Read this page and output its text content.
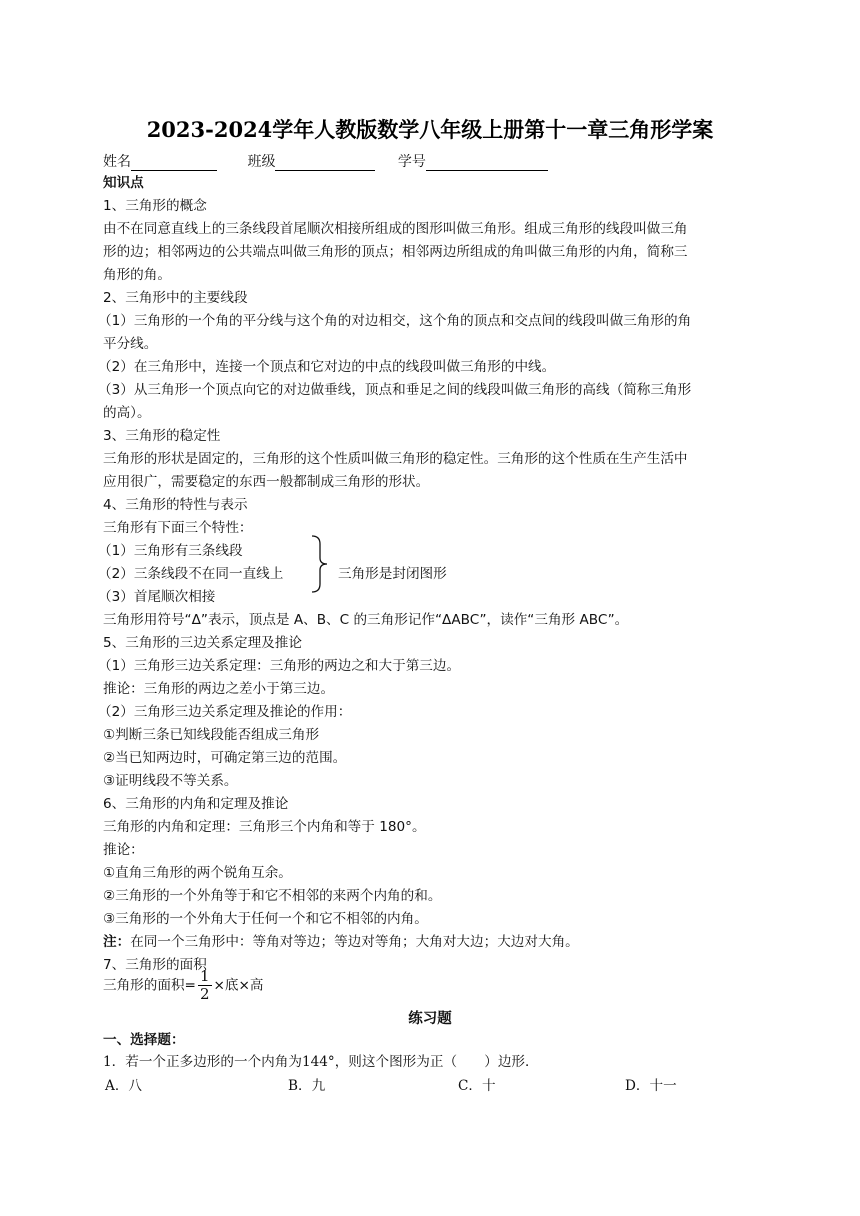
2023-2024学年人教版数学八年级上册第十一章三角形学案
姓名	班级	学号
知识点
1、三角形的概念
由不在同意直线上的三条线段首尾顺次相接所组成的图形叫做三角形。组成三角形的线段叫做三角
形的边；相邻两边的公共端点叫做三角形的顶点；相邻两边所组成的角叫做三角形的内角，简称三
角形的角。
2、三角形中的主要线段
（1）三角形的一个角的平分线与这个角的对边相交，这个角的顶点和交点间的线段叫做三角形的角
平分线。
（2）在三角形中，连接一个顶点和它对边的中点的线段叫做三角形的中线。
（3）从三角形一个顶点向它的对边做垂线，顶点和垂足之间的线段叫做三角形的高线（简称三角形
的高）。
3、三角形的稳定性
三角形的形状是固定的，三角形的这个性质叫做三角形的稳定性。三角形的这个性质在生产生活中
应用很广，需要稳定的东西一般都制成三角形的形状。
4、三角形的特性与表示
三角形有下面三个特性：
（1）三角形有三条线段
（2）三条线段不在同一直线上
（3）首尾顺次相接
三角形是封闭图形
三角形用符号“Δ”表示，顶点是 A、B、C 的三角形记作“ΔABC”，读作“三角形 ABC”。
5、三角形的三边关系定理及推论
（1）三角形三边关系定理：三角形的两边之和大于第三边。
推论：三角形的两边之差小于第三边。
（2）三角形三边关系定理及推论的作用：
①判断三条已知线段能否组成三角形
②当已知两边时，可确定第三边的范围。
③证明线段不等关系。
6、三角形的内角和定理及推论
三角形的内角和定理：三角形三个内角和等于 180°。
推论：
①直角三角形的两个锐角互余。
②三角形的一个外角等于和它不相邻的来两个内角的和。
③三角形的一个外角大于任何一个和它不相邻的内角。
注：在同一个三角形中：等角对等边；等边对等角；大角对大边；大边对大角。
7、三角形的面积
三角形的面积= $\frac{1}{2}$ ×底×高
练习题
一、选择题：
1．若一个正多边形的一个内角为144°，则这个图形为正（　　）边形．
A．八	B．九	C．十	D．十一
